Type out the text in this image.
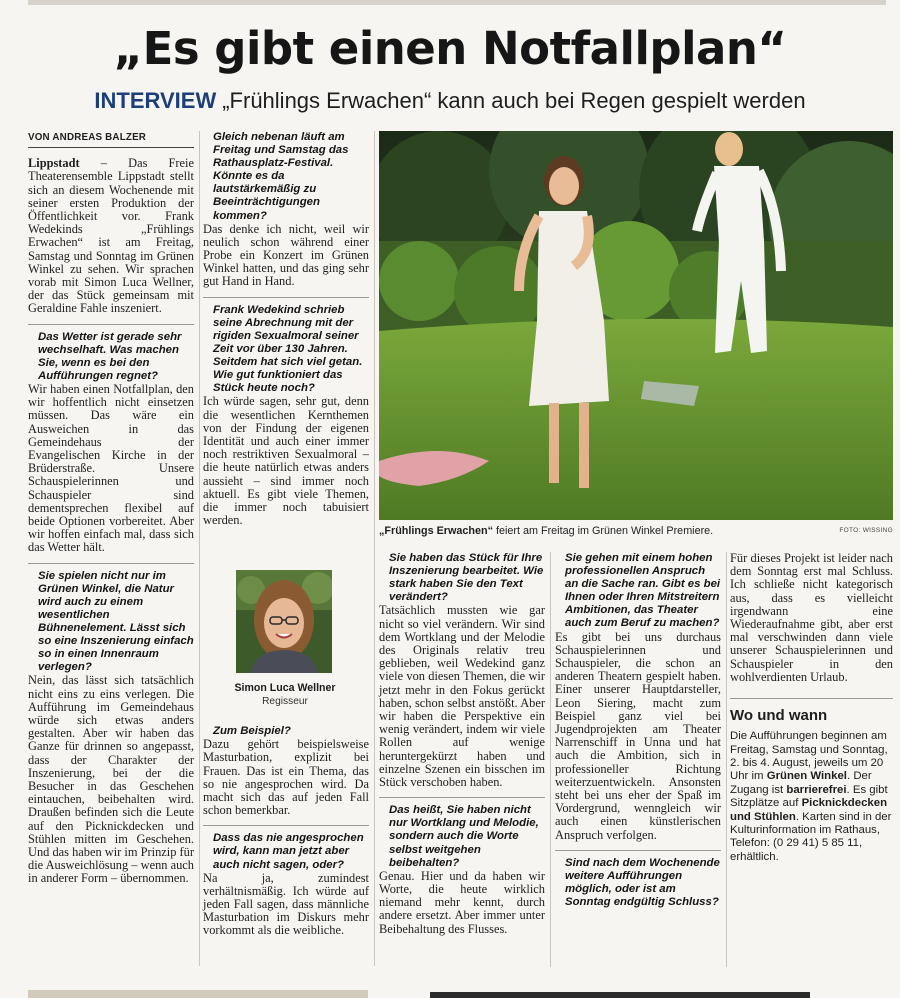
„Es gibt einen Notfallplan“
INTERVIEW „Frühlings Erwachen“ kann auch bei Regen gespielt werden
VON ANDREAS BALZER

Lippstadt – Das Freie Theaterensemble Lippstadt stellt sich an diesem Wochenende mit seiner ersten Produktion der Öffentlichkeit vor. Frank Wedekinds „Frühlings Erwachen“ ist am Freitag, Samstag und Sonntag im Grünen Winkel zu sehen. Wir sprachen vorab mit Simon Luca Wellner, der das Stück gemeinsam mit Geraldine Fahle inszeniert.

Das Wetter ist gerade sehr wechselhaft. Was machen Sie, wenn es bei den Aufführungen regnet?

Wir haben einen Notfallplan, den wir hoffentlich nicht einsetzen müssen. Das wäre ein Ausweichen in das Gemeindehaus der Evangelischen Kirche in der Brüderstraße. Unsere Schauspielerinnen und Schauspieler sind dementsprechen flexibel auf beide Optionen vorbereitet. Aber wir hoffen einfach mal, dass sich das Wetter hält.

Sie spielen nicht nur im Grünen Winkel, die Natur wird auch zu einem wesentlichen Bühnenelement. Lässt sich so eine Inszenierung einfach so in einen Innenraum verlegen?

Nein, das lässt sich tatsächlich nicht eins zu eins verlegen. Die Aufführung im Gemeindehaus würde sich etwas anders gestalten. Aber wir haben das Ganze für drinnen so angepasst, dass der Charakter der Inszenierung, bei der die Besucher in das Geschehen eintauchen, beibehalten wird. Draußen befinden sich die Leute auf den Picknickdecken und Stühlen mitten im Geschehen. Und das haben wir im Prinzip für die Ausweichlösung – wenn auch in anderer Form – übernommen.

Gleich nebenan läuft am Freitag und Samstag das Rathausplatz-Festival. Könnte es da lautstärkemäßig zu Beeinträchtigungen kommen?

Das denke ich nicht, weil wir neulich schon während einer Probe ein Konzert im Grünen Winkel hatten, und das ging sehr gut Hand in Hand.

Frank Wedekind schrieb seine Abrechnung mit der rigiden Sexualmoral seiner Zeit vor über 130 Jahren. Seitdem hat sich viel getan. Wie gut funktioniert das Stück heute noch?

Ich würde sagen, sehr gut, denn die wesentlichen Kernthemen von der Findung der eigenen Identität und auch einer immer noch restriktiven Sexualmoral – die heute natürlich etwas anders aussieht – sind immer noch aktuell. Es gibt viele Themen, die immer noch tabuisiert werden.

Simon Luca Wellner
Regisseur

Zum Beispiel?

Dazu gehört beispielsweise Masturbation, explizit bei Frauen. Das ist ein Thema, das so nie angesprochen wird. Da macht sich das auf jeden Fall schon bemerkbar.

Dass das nie angesprochen wird, kann man jetzt aber auch nicht sagen, oder?

Na ja, zumindest verhältnismäßig. Ich würde auf jeden Fall sagen, dass männliche Masturbation im Diskurs mehr vorkommt als die weibliche.

„Frühlings Erwachen“ feiert am Freitag im Grünen Winkel Premiere.	FOTO: WISSING

Sie haben das Stück für Ihre Inszenierung bearbeitet. Wie stark haben Sie den Text verändert?

Tatsächlich mussten wie gar nicht so viel verändern. Wir sind dem Wortklang und der Melodie des Originals relativ treu geblieben, weil Wedekind ganz viele von diesen Themen, die wir jetzt mehr in den Fokus gerückt haben, schon selbst anstößt. Aber wir haben die Perspektive ein wenig verändert, indem wir viele Rollen auf wenige heruntergekürzt haben und einzelne Szenen ein bisschen im Stück verschoben haben.

Das heißt, Sie haben nicht nur Wortklang und Melodie, sondern auch die Worte selbst weitgehen beibehalten?

Genau. Hier und da haben wir Worte, die heute wirklich niemand mehr kennt, durch andere ersetzt. Aber immer unter Beibehaltung des Flusses.

Sie gehen mit einem hohen professionellen Anspruch an die Sache ran. Gibt es bei Ihnen oder Ihren Mitstreitern Ambitionen, das Theater auch zum Beruf zu machen?

Es gibt bei uns durchaus Schauspielerinnen und Schauspieler, die schon an anderen Theatern gespielt haben. Einer unserer Hauptdarsteller, Leon Siering, macht zum Beispiel ganz viel bei Jugendprojekten am Theater Narrenschiff in Unna und hat auch die Ambition, sich in professioneller Richtung weiterzuentwickeln. Ansonsten steht bei uns eher der Spaß im Vordergrund, wenngleich wir auch einen künstlerischen Anspruch verfolgen.

Sind nach dem Wochenende weitere Aufführungen möglich, oder ist am Sonntag endgültig Schluss?

Für dieses Projekt ist leider nach dem Sonntag erst mal Schluss. Ich schließe nicht kategorisch aus, dass es vielleicht irgendwann eine Wiederaufnahme gibt, aber erst mal verschwinden dann viele unserer Schauspielerinnen und Schauspieler in den wohlverdienten Urlaub.

Wo und wann

Die Aufführungen beginnen am Freitag, Samstag und Sonntag, 2. bis 4. August, jeweils um 20 Uhr im Grünen Winkel. Der Zugang ist barrierefrei. Es gibt Sitzplätze auf Picknickdecken und Stühlen. Karten sind in der Kulturinformation im Rathaus, Telefon: (0 29 41) 5 85 11, erhältlich.
